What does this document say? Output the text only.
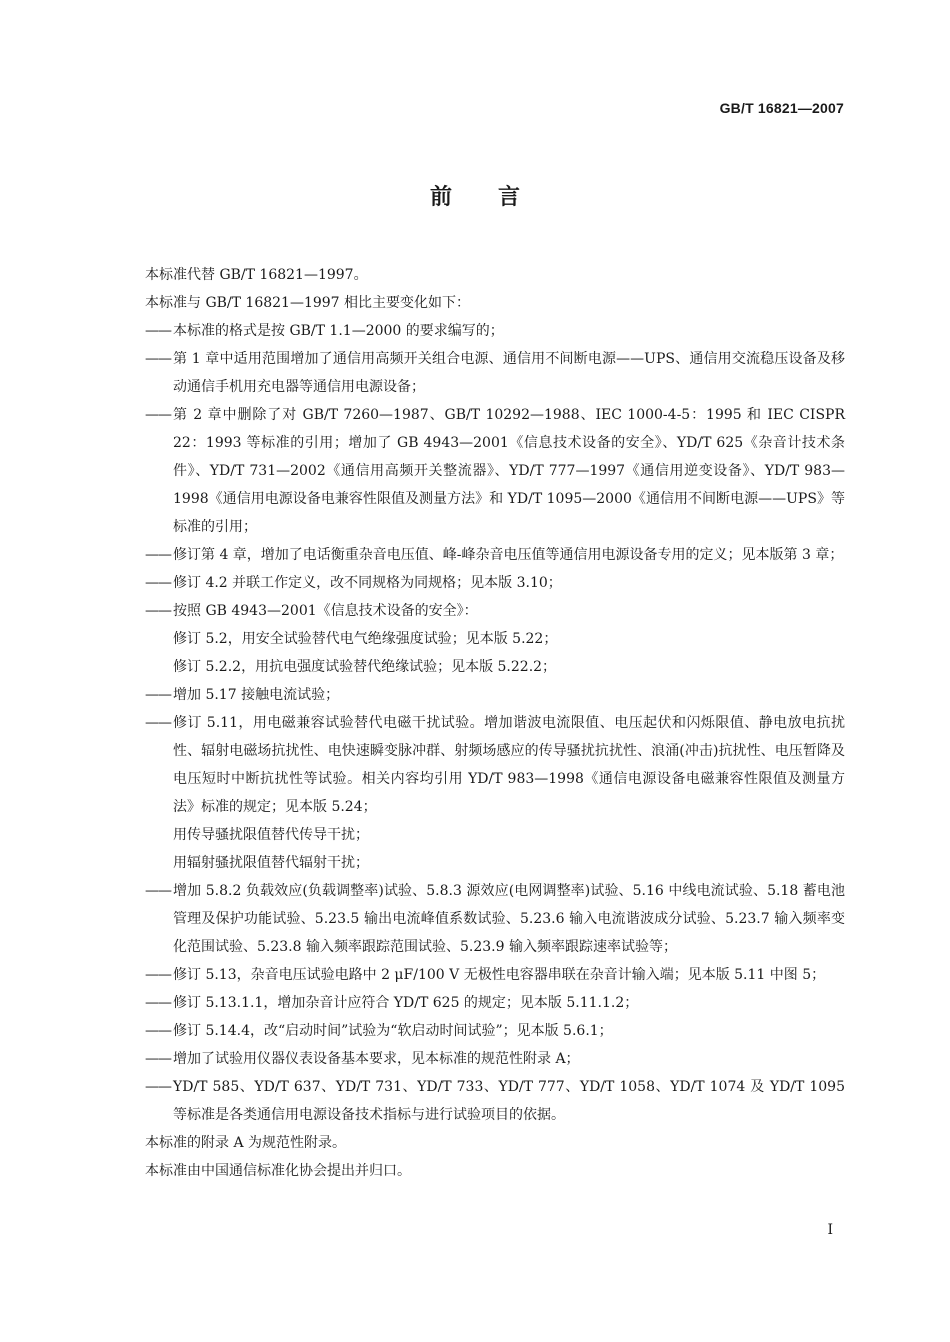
GB/T 16821—2007
前言

本标准代替 GB/T 16821—1997。

本标准与 GB/T 16821—1997 相比主要变化如下：

—— 本标准的格式是按 GB/T 1.1—2000 的要求编写的；
—— 第 1 章中适用范围增加了通信用高频开关组合电源、通信用不间断电源——UPS、通信用交流稳压设备及移动通信手机用充电器等通信用电源设备；
—— 第 2 章中删除了对 GB/T 7260—1987、GB/T 10292—1988、IEC 1000-4-5：1995 和 IEC CISPR 22：1993 等标准的引用；增加了 GB 4943—2001《信息技术设备的安全》、YD/T 625《杂音计技术条件》、YD/T 731—2002《通信用高频开关整流器》、YD/T 777—1997《通信用逆变设备》、YD/T 983—1998《通信用电源设备电兼容性限值及测量方法》和 YD/T 1095—2000《通信用不间断电源——UPS》等标准的引用；
—— 修订第 4 章，增加了电话衡重杂音电压值、峰-峰杂音电压值等通信用电源设备专用的定义；见本版第 3 章；
—— 修订 4.2 并联工作定义，改不同规格为同规格；见本版 3.10；
—— 按照 GB 4943—2001《信息技术设备的安全》：

修订 5.2，用安全试验替代电气绝缘强度试验；见本版 5.22；

修订 5.2.2，用抗电强度试验替代绝缘试验；见本版 5.22.2；

—— 增加 5.17 接触电流试验；
—— 修订 5.11，用电磁兼容试验替代电磁干扰试验。增加谐波电流限值、电压起伏和闪烁限值、静电放电抗扰性、辐射电磁场抗扰性、电快速瞬变脉冲群、射频场感应的传导骚扰抗扰性、浪涌(冲击)抗扰性、电压暂降及电压短时中断抗扰性等试验。相关内容均引用 YD/T 983—1998《通信电源设备电磁兼容性限值及测量方法》标准的规定；见本版 5.24；

用传导骚扰限值替代传导干扰；

用辐射骚扰限值替代辐射干扰；

—— 增加 5.8.2 负载效应(负载调整率)试验、5.8.3 源效应(电网调整率)试验、5.16 中线电流试验、5.18 蓄电池管理及保护功能试验、5.23.5 输出电流峰值系数试验、5.23.6 输入电流谐波成分试验、5.23.7 输入频率变化范围试验、5.23.8 输入频率跟踪范围试验、5.23.9 输入频率跟踪速率试验等；
—— 修订 5.13，杂音电压试验电路中 2 μF/100 V 无极性电容器串联在杂音计输入端；见本版 5.11 中图 5；
—— 修订 5.13.1.1，增加杂音计应符合 YD/T 625 的规定；见本版 5.11.1.2；
—— 修订 5.14.4，改“启动时间”试验为“软启动时间试验”；见本版 5.6.1；
—— 增加了试验用仪器仪表设备基本要求，见本标准的规范性附录 A；
—— YD/T 585、YD/T 637、YD/T 731、YD/T 733、YD/T 777、YD/T 1058、YD/T 1074 及 YD/T 1095等标准是各类通信用电源设备技术指标与进行试验项目的依据。

本标准的附录 A 为规范性附录。

本标准由中国通信标准化协会提出并归口。

I
